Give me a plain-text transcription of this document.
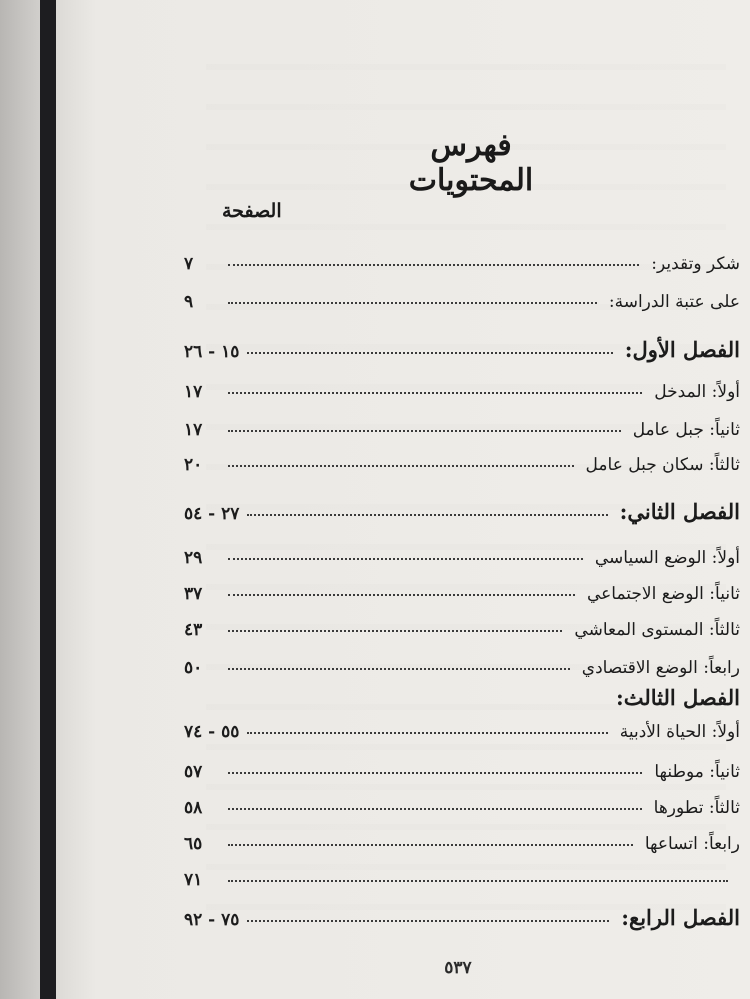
فهرس المحتويات
الصفحة
شكر وتقدير:
٧
على عتبة الدراسة:
٩
الفصل الأول:
١٥ - ٢٦
أولاً: المدخل
١٧
ثانياً: جبل عامل
١٧
ثالثاً: سكان جبل عامل
٢٠
الفصل الثاني:
٢٧ - ٥٤
أولاً: الوضع السياسي
٢٩
ثانياً: الوضع الاجتماعي
٣٧
ثالثاً: المستوى المعاشي
٤٣
رابعاً: الوضع الاقتصادي
٥٠
الفصل الثالث:
أولاً: الحياة الأدبية
٥٥ - ٧٤
ثانياً: موطنها
٥٧
ثالثاً: تطورها
٥٨
رابعاً: اتساعها
٦٥
٧١
الفصل الرابع:
٧٥ - ٩٢
٥٣٧
